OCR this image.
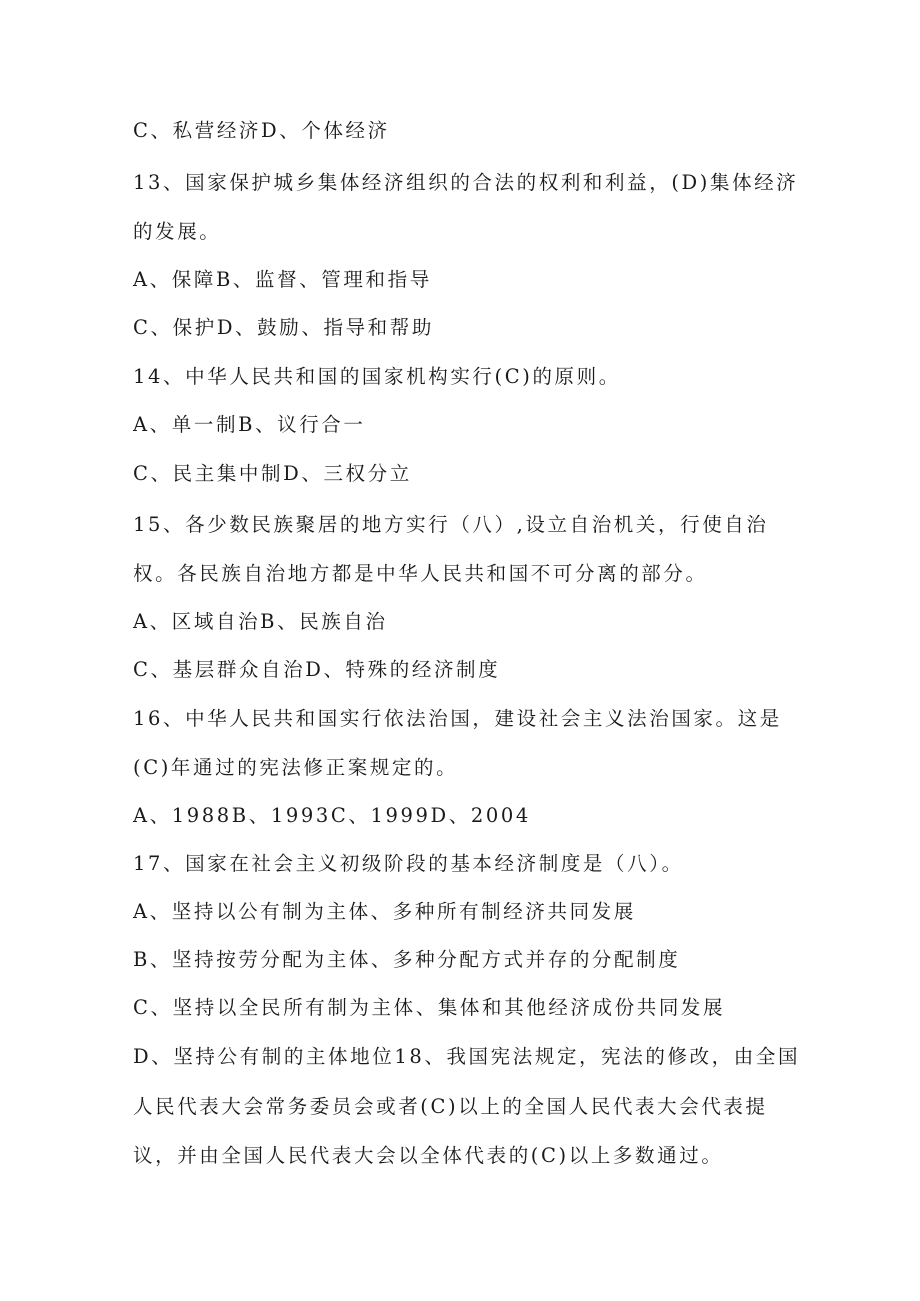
C、私营经济D、个体经济

13、国家保护城乡集体经济组织的合法的权利和利益，(D)集体经济

的发展。

A、保障B、监督、管理和指导

C、保护D、鼓励、指导和帮助

14、中华人民共和国的国家机构实行(C)的原则。

A、单一制B、议行合一

C、民主集中制D、三权分立

15、各少数民族聚居的地方实行（八）,设立自治机关，行使自治

权。各民族自治地方都是中华人民共和国不可分离的部分。

A、区域自治B、民族自治

C、基层群众自治D、特殊的经济制度

16、中华人民共和国实行依法治国，建设社会主义法治国家。这是

(C)年通过的宪法修正案规定的。

A、1988B、1993C、1999D、2004

17、国家在社会主义初级阶段的基本经济制度是（八）。

A、坚持以公有制为主体、多种所有制经济共同发展

B、坚持按劳分配为主体、多种分配方式并存的分配制度

C、坚持以全民所有制为主体、集体和其他经济成份共同发展

D、坚持公有制的主体地位18、我国宪法规定，宪法的修改，由全国

人民代表大会常务委员会或者(C)以上的全国人民代表大会代表提

议，并由全国人民代表大会以全体代表的(C)以上多数通过。
